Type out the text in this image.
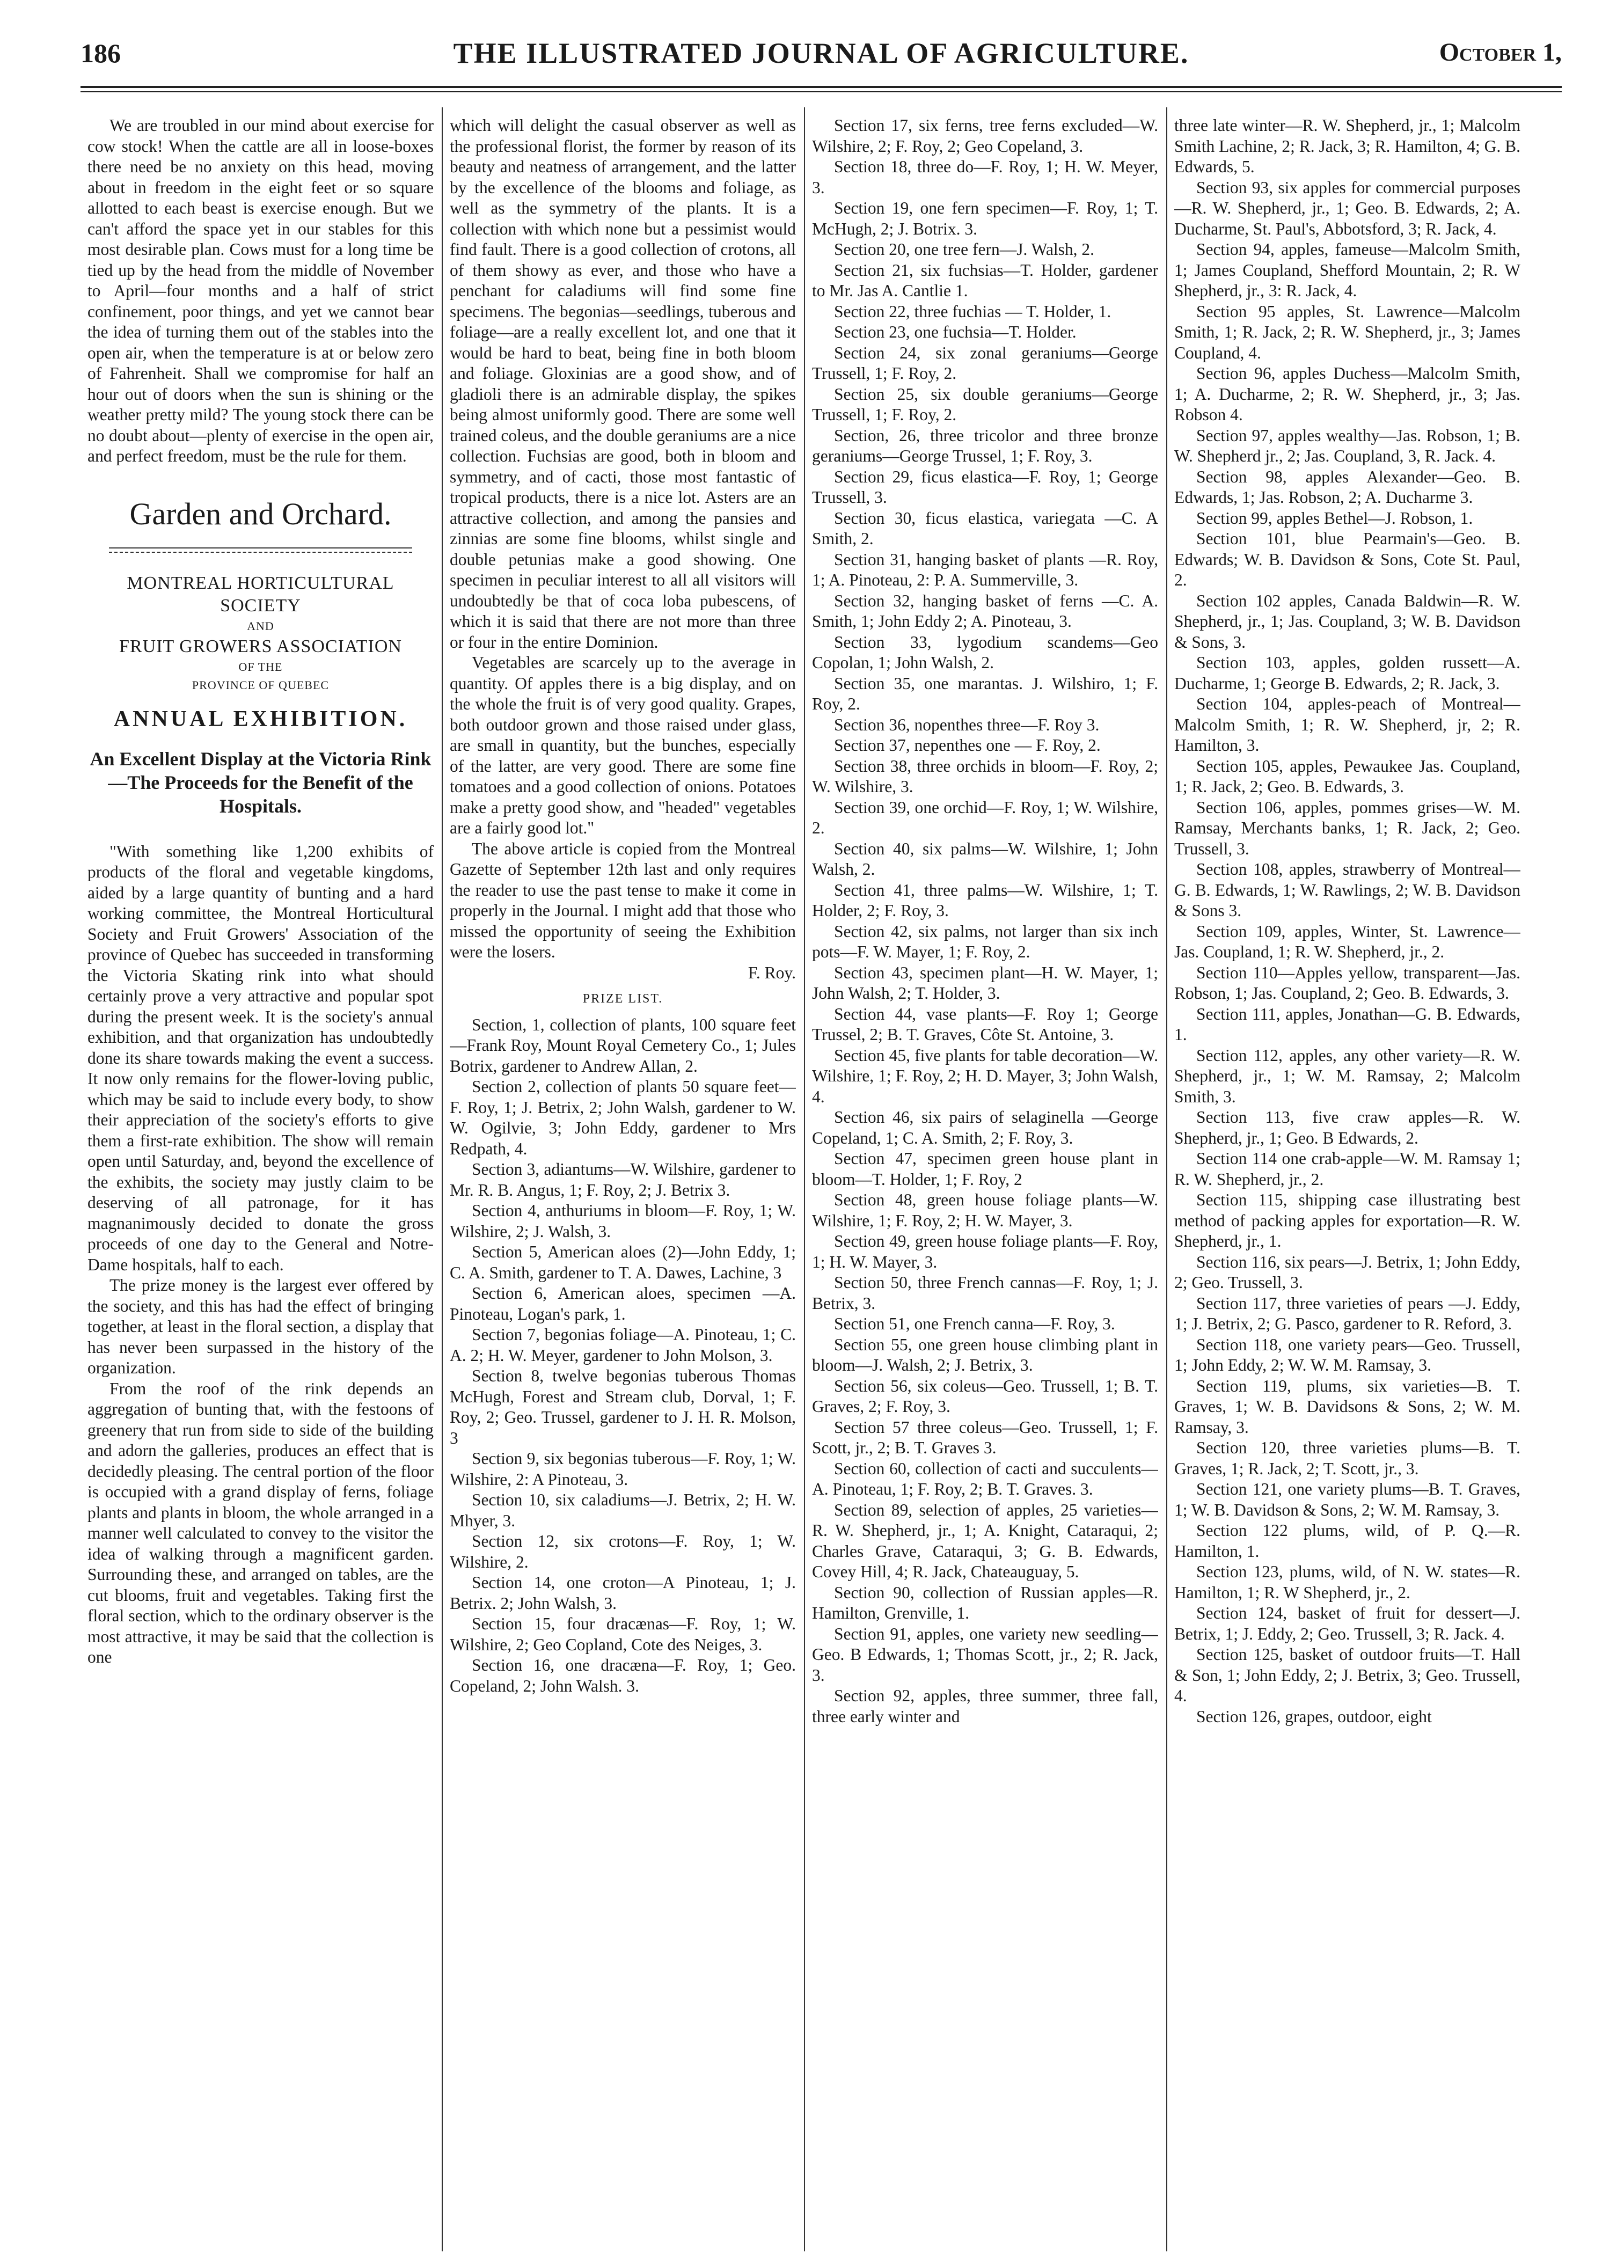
THE ILLUSTRATED JOURNAL OF AGRICULTURE.
186	October 1,

We are troubled in our mind about exercise for cow stock! When the cattle are all in loose-boxes there need be no anxiety on this head, moving about in freedom in the eight feet or so square allotted to each beast is exercise enough. But we can't afford the space yet in our stables for this most desirable plan. Cows must for a long time be tied up by the head from the middle of November to April—four months and a half of strict confinement, poor things, and yet we cannot bear the idea of turning them out of the stables into the open air, when the temperature is at or below zero of Fahrenheit. Shall we compromise for half an hour out of doors when the sun is shining or the weather pretty mild? The young stock there can be no doubt about—plenty of exercise in the open air, and perfect freedom, must be the rule for them.

Garden and Orchard.
MONTREAL HORTICULTURAL
SOCIETY
AND
FRUIT GROWERS ASSOCIATION
OF THE
PROVINCE OF QUEBEC
ANNUAL EXHIBITION.
An Excellent Display at the Victoria Rink—The Proceeds for the Benefit of the Hospitals.

"With something like 1,200 exhibits of products of the floral and vegetable kingdoms, aided by a large quantity of bunting and a hard working committee, the Montreal Horticultural Society and Fruit Growers' Association of the province of Quebec has succeeded in transforming the Victoria Skating rink into what should certainly prove a very attractive and popular spot during the present week. It is the society's annual exhibition, and that organization has undoubtedly done its share towards making the event a success. It now only remains for the flower-loving public, which may be said to include every body, to show their appreciation of the society's efforts to give them a first-rate exhibition. The show will remain open until Saturday, and, beyond the excellence of the exhibits, the society may justly claim to be deserving of all patronage, for it has magnanimously decided to donate the gross proceeds of one day to the General and Notre-Dame hospitals, half to each.

The prize money is the largest ever offered by the society, and this has had the effect of bringing together, at least in the floral section, a display that has never been surpassed in the history of the organization.

From the roof of the rink depends an aggregation of bunting that, with the festoons of greenery that run from side to side of the building and adorn the galleries, produces an effect that is decidedly pleasing. The central portion of the floor is occupied with a grand display of ferns, foliage plants and plants in bloom, the whole arranged in a manner well calculated to convey to the visitor the idea of walking through a magnificent garden. Surrounding these, and arranged on tables, are the cut blooms, fruit and vegetables. Taking first the floral section, which to the ordinary observer is the most attractive, it may be said that the collection is one

which will delight the casual observer as well as the professional florist, the former by reason of its beauty and neatness of arrangement, and the latter by the excellence of the blooms and foliage, as well as the symmetry of the plants. It is a collection with which none but a pessimist would find fault. There is a good collection of crotons, all of them showy as ever, and those who have a penchant for caladiums will find some fine specimens. The begonias—seedlings, tuberous and foliage—are a really excellent lot, and one that it would be hard to beat, being fine in both bloom and foliage. Gloxinias are a good show, and of gladioli there is an admirable display, the spikes being almost uniformly good. There are some well trained coleus, and the double geraniums are a nice collection. Fuchsias are good, both in bloom and symmetry, and of cacti, those most fantastic of tropical products, there is a nice lot. Asters are an attractive collection, and among the pansies and zinnias are some fine blooms, whilst single and double petunias make a good showing. One specimen in peculiar interest to all all visitors will undoubtedly be that of coca loba pubescens, of which it is said that there are not more than three or four in the entire Dominion.

Vegetables are scarcely up to the average in quantity. Of apples there is a big display, and on the whole the fruit is of very good quality. Grapes, both outdoor grown and those raised under glass, are small in quantity, but the bunches, especially of the latter, are very good. There are some fine tomatoes and a good collection of onions. Potatoes make a pretty good show, and "headed" vegetables are a fairly good lot."

The above article is copied from the Montreal Gazette of September 12th last and only requires the reader to use the past tense to make it come in properly in the Journal. I might add that those who missed the opportunity of seeing the Exhibition were the losers.

F. Roy.

PRIZE LIST.

Section, 1, collection of plants, 100 square feet—Frank Roy, Mount Royal Cemetery Co., 1; Jules Botrix, gardener to Andrew Allan, 2.

Section 2, collection of plants 50 square feet—F. Roy, 1; J. Betrix, 2; John Walsh, gardener to W. W. Ogilvie, 3; John Eddy, gardener to Mrs Redpath, 4.

Section 3, adiantums—W. Wilshire, gardener to Mr. R. B. Angus, 1; F. Roy, 2; J. Betrix 3.

Section 4, anthuriums in bloom—F. Roy, 1; W. Wilshire, 2; J. Walsh, 3.

Section 5, American aloes (2)—John Eddy, 1; C. A. Smith, gardener to T. A. Dawes, Lachine, 3

Section 6, American aloes, specimen —A. Pinoteau, Logan's park, 1.

Section 7, begonias foliage—A. Pinoteau, 1; C. A. 2; H. W. Meyer, gardener to John Molson, 3.

Section 8, twelve begonias tuberous Thomas McHugh, Forest and Stream club, Dorval, 1; F. Roy, 2; Geo. Trussel, gardener to J. H. R. Molson, 3

Section 9, six begonias tuberous—F. Roy, 1; W. Wilshire, 2: A Pinoteau, 3.

Section 10, six caladiums—J. Betrix, 2; H. W. Mhyer, 3.

Section 12, six crotons—F. Roy, 1; W. Wilshire, 2.

Section 14, one croton—A Pinoteau, 1; J. Betrix. 2; John Walsh, 3.

Section 15, four dracænas—F. Roy, 1; W. Wilshire, 2; Geo Copland, Cote des Neiges, 3.

Section 16, one dracæna—F. Roy, 1; Geo. Copeland, 2; John Walsh. 3.

Section 17, six ferns, tree ferns excluded—W. Wilshire, 2; F. Roy, 2; Geo Copeland, 3.

Section 18, three do—F. Roy, 1; H. W. Meyer, 3.

Section 19, one fern specimen—F. Roy, 1; T. McHugh, 2; J. Botrix. 3.

Section 20, one tree fern—J. Walsh, 2.

Section 21, six fuchsias—T. Holder, gardener to Mr. Jas A. Cantlie 1.

Section 22, three fuchias — T. Holder, 1.

Section 23, one fuchsia—T. Holder.

Section 24, six zonal geraniums—George Trussell, 1; F. Roy, 2.

Section 25, six double geraniums—George Trussell, 1; F. Roy, 2.

Section, 26, three tricolor and three bronze geraniums—George Trussel, 1; F. Roy, 3.

Section 29, ficus elastica—F. Roy, 1; George Trussell, 3.

Section 30, ficus elastica, variegata —C. A Smith, 2.

Section 31, hanging basket of plants —R. Roy, 1; A. Pinoteau, 2: P. A. Summerville, 3.

Section 32, hanging basket of ferns —C. A. Smith, 1; John Eddy 2; A. Pinoteau, 3.

Section 33, lygodium scandems—Geo Copolan, 1; John Walsh, 2.

Section 35, one marantas. J. Wilshiro, 1; F. Roy, 2.

Section 36, nopenthes three—F. Roy 3.

Section 37, nepenthes one — F. Roy, 2.

Section 38, three orchids in bloom—F. Roy, 2; W. Wilshire, 3.

Section 39, one orchid—F. Roy, 1; W. Wilshire, 2.

Section 40, six palms—W. Wilshire, 1; John Walsh, 2.

Section 41, three palms—W. Wilshire, 1; T. Holder, 2; F. Roy, 3.

Section 42, six palms, not larger than six inch pots—F. W. Mayer, 1; F. Roy, 2.

Section 43, specimen plant—H. W. Mayer, 1; John Walsh, 2; T. Holder, 3.

Section 44, vase plants—F. Roy 1; George Trussel, 2; B. T. Graves, Côte St. Antoine, 3.

Section 45, five plants for table decoration—W. Wilshire, 1; F. Roy, 2; H. D. Mayer, 3; John Walsh, 4.

Section 46, six pairs of selaginella —George Copeland, 1; C. A. Smith, 2; F. Roy, 3.

Section 47, specimen green house plant in bloom—T. Holder, 1; F. Roy, 2

Section 48, green house foliage plants—W. Wilshire, 1; F. Roy, 2; H. W. Mayer, 3.

Section 49, green house foliage plants—F. Roy, 1; H. W. Mayer, 3.

Section 50, three French cannas—F. Roy, 1; J. Betrix, 3.

Section 51, one French canna—F. Roy, 3.

Section 55, one green house climbing plant in bloom—J. Walsh, 2; J. Betrix, 3.

Section 56, six coleus—Geo. Trussell, 1; B. T. Graves, 2; F. Roy, 3.

Section 57 three coleus—Geo. Trussell, 1; F. Scott, jr., 2; B. T. Graves 3.

Section 60, collection of cacti and succulents—A. Pinoteau, 1; F. Roy, 2; B. T. Graves. 3.

Section 89, selection of apples, 25 varieties—R. W. Shepherd, jr., 1; A. Knight, Cataraqui, 2; Charles Grave, Cataraqui, 3; G. B. Edwards, Covey Hill, 4; R. Jack, Chateauguay, 5.

Section 90, collection of Russian apples—R. Hamilton, Grenville, 1.

Section 91, apples, one variety new seedling—Geo. B Edwards, 1; Thomas Scott, jr., 2; R. Jack, 3.

Section 92, apples, three summer, three fall, three early winter and

three late winter—R. W. Shepherd, jr., 1; Malcolm Smith Lachine, 2; R. Jack, 3; R. Hamilton, 4; G. B. Edwards, 5.

Section 93, six apples for commercial purposes—R. W. Shepherd, jr., 1; Geo. B. Edwards, 2; A. Ducharme, St. Paul's, Abbotsford, 3; R. Jack, 4.

Section 94, apples, fameuse—Malcolm Smith, 1; James Coupland, Shefford Mountain, 2; R. W Shepherd, jr., 3: R. Jack, 4.

Section 95 apples, St. Lawrence—Malcolm Smith, 1; R. Jack, 2; R. W. Shepherd, jr., 3; James Coupland, 4.

Section 96, apples Duchess—Malcolm Smith, 1; A. Ducharme, 2; R. W. Shepherd, jr., 3; Jas. Robson 4.

Section 97, apples wealthy—Jas. Robson, 1; B. W. Shepherd jr., 2; Jas. Coupland, 3, R. Jack. 4.

Section 98, apples Alexander—Geo. B. Edwards, 1; Jas. Robson, 2; A. Ducharme 3.

Section 99, apples Bethel—J. Robson, 1.

Section 101, blue Pearmain's—Geo. B. Edwards; W. B. Davidson & Sons, Cote St. Paul, 2.

Section 102 apples, Canada Baldwin—R. W. Shepherd, jr., 1; Jas. Coupland, 3; W. B. Davidson & Sons, 3.

Section 103, apples, golden russett—A. Ducharme, 1; George B. Edwards, 2; R. Jack, 3.

Section 104, apples-peach of Montreal—Malcolm Smith, 1; R. W. Shepherd, jr, 2; R. Hamilton, 3.

Section 105, apples, Pewaukee Jas. Coupland, 1; R. Jack, 2; Geo. B. Edwards, 3.

Section 106, apples, pommes grises—W. M. Ramsay, Merchants banks, 1; R. Jack, 2; Geo. Trussell, 3.

Section 108, apples, strawberry of Montreal—G. B. Edwards, 1; W. Rawlings, 2; W. B. Davidson & Sons 3.

Section 109, apples, Winter, St. Lawrence—Jas. Coupland, 1; R. W. Shepherd, jr., 2.

Section 110—Apples yellow, transparent—Jas. Robson, 1; Jas. Coupland, 2; Geo. B. Edwards, 3.

Section 111, apples, Jonathan—G. B. Edwards, 1.

Section 112, apples, any other variety—R. W. Shepherd, jr., 1; W. M. Ramsay, 2; Malcolm Smith, 3.

Section 113, five craw apples—R. W. Shepherd, jr., 1; Geo. B Edwards, 2.

Section 114 one crab-apple—W. M. Ramsay 1; R. W. Shepherd, jr., 2.

Section 115, shipping case illustrating best method of packing apples for exportation—R. W. Shepherd, jr., 1.

Section 116, six pears—J. Betrix, 1; John Eddy, 2; Geo. Trussell, 3.

Section 117, three varieties of pears —J. Eddy, 1; J. Betrix, 2; G. Pasco, gardener to R. Reford, 3.

Section 118, one variety pears—Geo. Trussell, 1; John Eddy, 2; W. W. M. Ramsay, 3.

Section 119, plums, six varieties—B. T. Graves, 1; W. B. Davidsons & Sons, 2; W. M. Ramsay, 3.

Section 120, three varieties plums—B. T. Graves, 1; R. Jack, 2; T. Scott, jr., 3.

Section 121, one variety plums—B. T. Graves, 1; W. B. Davidson & Sons, 2; W. M. Ramsay, 3.

Section 122 plums, wild, of P. Q.—R. Hamilton, 1.

Section 123, plums, wild, of N. W. states—R. Hamilton, 1; R. W Shepherd, jr., 2.

Section 124, basket of fruit for dessert—J. Betrix, 1; J. Eddy, 2; Geo. Trussell, 3; R. Jack. 4.

Section 125, basket of outdoor fruits—T. Hall & Son, 1; John Eddy, 2; J. Betrix, 3; Geo. Trussell, 4.

Section 126, grapes, outdoor, eight
